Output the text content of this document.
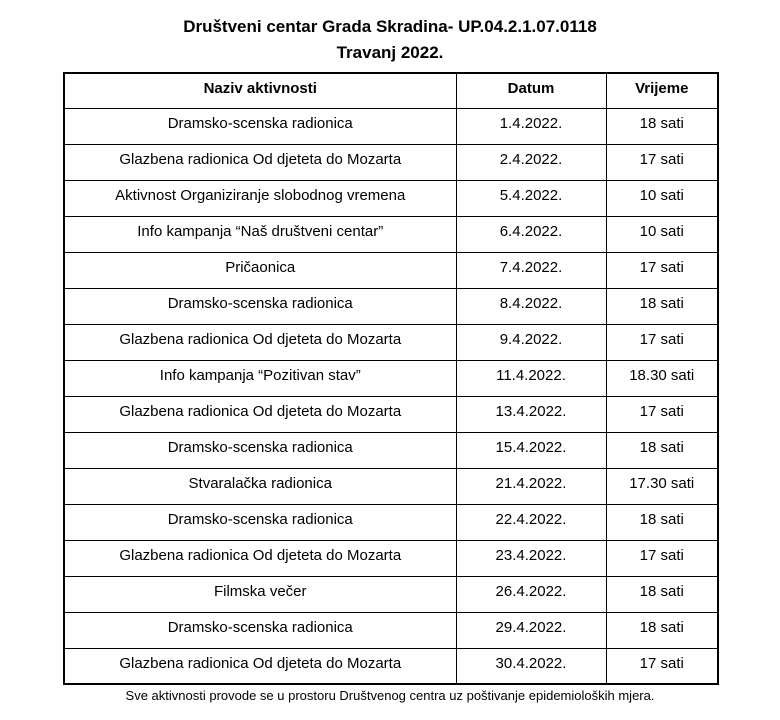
Društveni centar Grada Skradina- UP.04.2.1.07.0118
Travanj 2022.
Naziv aktivnosti	Datum	Vrijeme
Dramsko-scenska radionica	1.4.2022.	18 sati
Glazbena radionica Od djeteta do Mozarta	2.4.2022.	17 sati
Aktivnost Organiziranje slobodnog vremena	5.4.2022.	10 sati
Info kampanja “Naš društveni centar”	6.4.2022.	10 sati
Pričaonica	7.4.2022.	17 sati
Dramsko-scenska radionica	8.4.2022.	18 sati
Glazbena radionica Od djeteta do Mozarta	9.4.2022.	17 sati
Info kampanja “Pozitivan stav”	11.4.2022.	18.30 sati
Glazbena radionica Od djeteta do Mozarta	13.4.2022.	17 sati
Dramsko-scenska radionica	15.4.2022.	18 sati
Stvaralačka radionica	21.4.2022.	17.30 sati
Dramsko-scenska radionica	22.4.2022.	18 sati
Glazbena radionica Od djeteta do Mozarta	23.4.2022.	17 sati
Filmska večer	26.4.2022.	18 sati
Dramsko-scenska radionica	29.4.2022.	18 sati
Glazbena radionica Od djeteta do Mozarta	30.4.2022.	17 sati
Sve aktivnosti provode se u prostoru Društvenog centra uz poštivanje epidemioloških mjera.
